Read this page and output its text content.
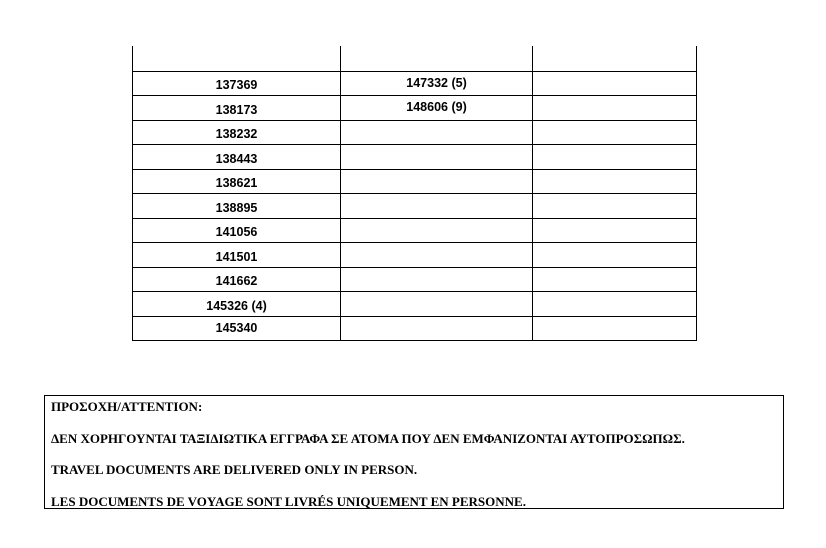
137369	147332 (5)	
138173	148606 (9)	
138232		
138443		
138621		
138895		
141056		
141501		
141662		
145326 (4)		
145340		

ΠΡΟΣΟΧΗ/ATTENTION:

ΔΕΝ ΧΟΡΗΓΟΥΝΤΑΙ ΤΑΞΙΔΙΩΤΙΚΑ ΕΓΓΡΑΦΑ ΣΕ ΑΤΟΜΑ ΠΟΥ ΔΕΝ ΕΜΦΑΝΙΖΟΝΤΑΙ ΑΥΤΟΠΡΟΣΩΠΩΣ.

TRAVEL DOCUMENTS ARE DELIVERED ONLY IN PERSON.

LES DOCUMENTS DE VOYAGE SONT LIVRÉS UNIQUEMENT EN PERSONNE.
